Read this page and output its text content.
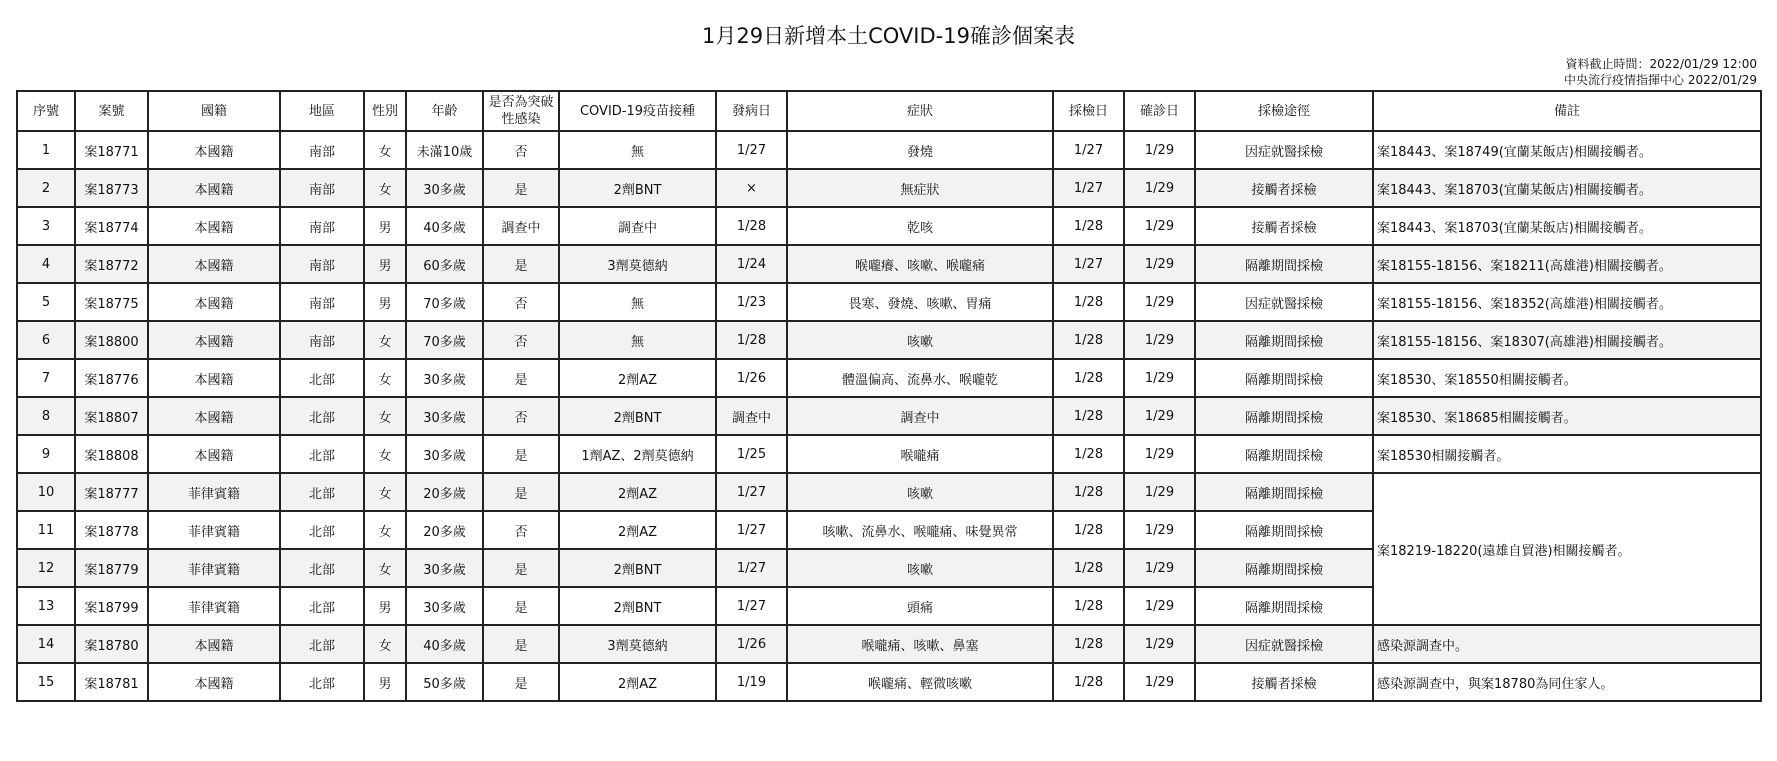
1月29日新增本土COVID-19確診個案表
資料截止時間：2022/01/29 12:00
中央流行疫情指揮中心 2022/01/29
序號	案號	國籍	地區	性別	年齡	是否為突破性感染	COVID-19疫苗接種	發病日	症狀	採檢日	確診日	採檢途徑	備註
1	案18771	本國籍	南部	女	未滿10歲	否	無	1/27	發燒	1/27	1/29	因症就醫採檢	案18443、案18749(宜蘭某飯店)相關接觸者。
2	案18773	本國籍	南部	女	30多歲	是	2劑BNT	×	無症狀	1/27	1/29	接觸者採檢	案18443、案18703(宜蘭某飯店)相關接觸者。
3	案18774	本國籍	南部	男	40多歲	調查中	調查中	1/28	乾咳	1/28	1/29	接觸者採檢	案18443、案18703(宜蘭某飯店)相關接觸者。
4	案18772	本國籍	南部	男	60多歲	是	3劑莫德納	1/24	喉嚨癢、咳嗽、喉嚨痛	1/27	1/29	隔離期間採檢	案18155-18156、案18211(高雄港)相關接觸者。
5	案18775	本國籍	南部	男	70多歲	否	無	1/23	畏寒、發燒、咳嗽、胃痛	1/28	1/29	因症就醫採檢	案18155-18156、案18352(高雄港)相關接觸者。
6	案18800	本國籍	南部	女	70多歲	否	無	1/28	咳嗽	1/28	1/29	隔離期間採檢	案18155-18156、案18307(高雄港)相關接觸者。
7	案18776	本國籍	北部	女	30多歲	是	2劑AZ	1/26	體溫偏高、流鼻水、喉嚨乾	1/28	1/29	隔離期間採檢	案18530、案18550相關接觸者。
8	案18807	本國籍	北部	女	30多歲	否	2劑BNT	調查中	調查中	1/28	1/29	隔離期間採檢	案18530、案18685相關接觸者。
9	案18808	本國籍	北部	女	30多歲	是	1劑AZ、2劑莫德納	1/25	喉嚨痛	1/28	1/29	隔離期間採檢	案18530相關接觸者。
10	案18777	菲律賓籍	北部	女	20多歲	是	2劑AZ	1/27	咳嗽	1/28	1/29	隔離期間採檢	案18219-18220(遠雄自貿港)相關接觸者。
11	案18778	菲律賓籍	北部	女	20多歲	否	2劑AZ	1/27	咳嗽、流鼻水、喉嚨痛、味覺異常	1/28	1/29	隔離期間採檢	
12	案18779	菲律賓籍	北部	女	30多歲	是	2劑BNT	1/27	咳嗽	1/28	1/29	隔離期間採檢	
13	案18799	菲律賓籍	北部	男	30多歲	是	2劑BNT	1/27	頭痛	1/28	1/29	隔離期間採檢	
14	案18780	本國籍	北部	女	40多歲	是	3劑莫德納	1/26	喉嚨痛、咳嗽、鼻塞	1/28	1/29	因症就醫採檢	感染源調查中。
15	案18781	本國籍	北部	男	50多歲	是	2劑AZ	1/19	喉嚨痛、輕微咳嗽	1/28	1/29	接觸者採檢	感染源調查中，與案18780為同住家人。
